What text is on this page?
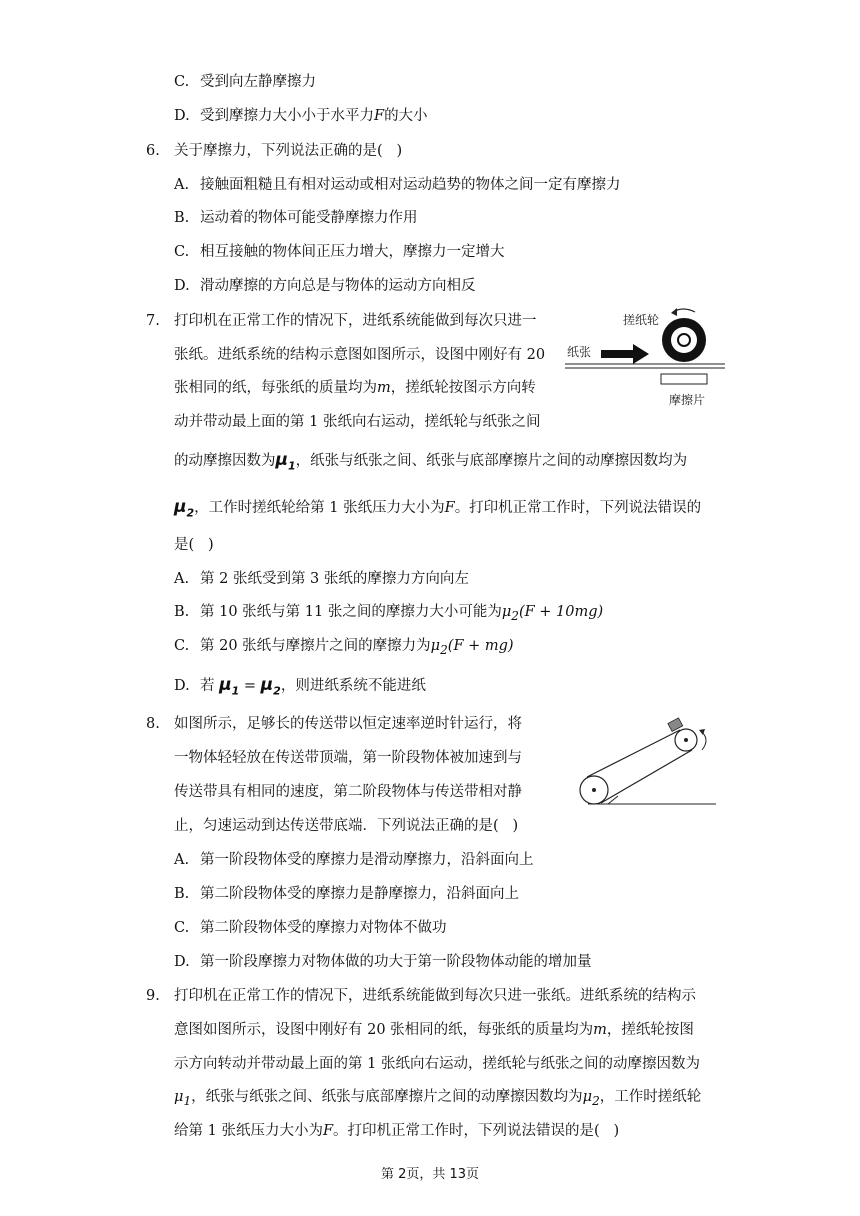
C. 受到向左静摩擦力
D. 受到摩擦力大小小于水平力F的大小
6. 关于摩擦力，下列说法正确的是(   )
A. 接触面粗糙且有相对运动或相对运动趋势的物体之间一定有摩擦力
B. 运动着的物体可能受静摩擦力作用
C. 相互接触的物体间正压力增大，摩擦力一定增大
D. 滑动摩擦的方向总是与物体的运动方向相反
7. 打印机在正常工作的情况下，进纸系统能做到每次只进一
张纸。进纸系统的结构示意图如图所示，设图中刚好有 20
张相同的纸，每张纸的质量均为m，搓纸轮按图示方向转
动并带动最上面的第 1 张纸向右运动，搓纸轮与纸张之间
的动摩擦因数为$\mu_1$，纸张与纸张之间、纸张与底部摩擦片之间的动摩擦因数均为
$\mu_2$，工作时搓纸轮给第 1 张纸压力大小为F。打印机正常工作时，下列说法错误的
是(   )
A. 第 2 张纸受到第 3 张纸的摩擦力方向向左
B. 第 10 张纸与第 11 张之间的摩擦力大小可能为$\mu_2(F + 10mg)$
C. 第 20 张纸与摩擦片之间的摩擦力为$\mu_2(F + mg)$
D. 若 $\mu_1 = \mu_2$，则进纸系统不能进纸
搓纸轮
纸张
摩擦片
8. 如图所示，足够长的传送带以恒定速率逆时针运行，将
一物体轻轻放在传送带顶端，第一阶段物体被加速到与
传送带具有相同的速度，第二阶段物体与传送带相对静
止，匀速运动到达传送带底端．下列说法正确的是(   )
A. 第一阶段物体受的摩擦力是滑动摩擦力，沿斜面向上
B. 第二阶段物体受的摩擦力是静摩擦力，沿斜面向上
C. 第二阶段物体受的摩擦力对物体不做功
D. 第一阶段摩擦力对物体做的功大于第一阶段物体动能的增加量
9. 打印机在正常工作的情况下，进纸系统能做到每次只进一张纸。进纸系统的结构示
意图如图所示，设图中刚好有 20 张相同的纸，每张纸的质量均为m，搓纸轮按图
示方向转动并带动最上面的第 1 张纸向右运动，搓纸轮与纸张之间的动摩擦因数为
$\mu_1$，纸张与纸张之间、纸张与底部摩擦片之间的动摩擦因数均为$\mu_2$，工作时搓纸轮
给第 1 张纸压力大小为F。打印机正常工作时，下列说法错误的是(   )
第 2页，共 13页
